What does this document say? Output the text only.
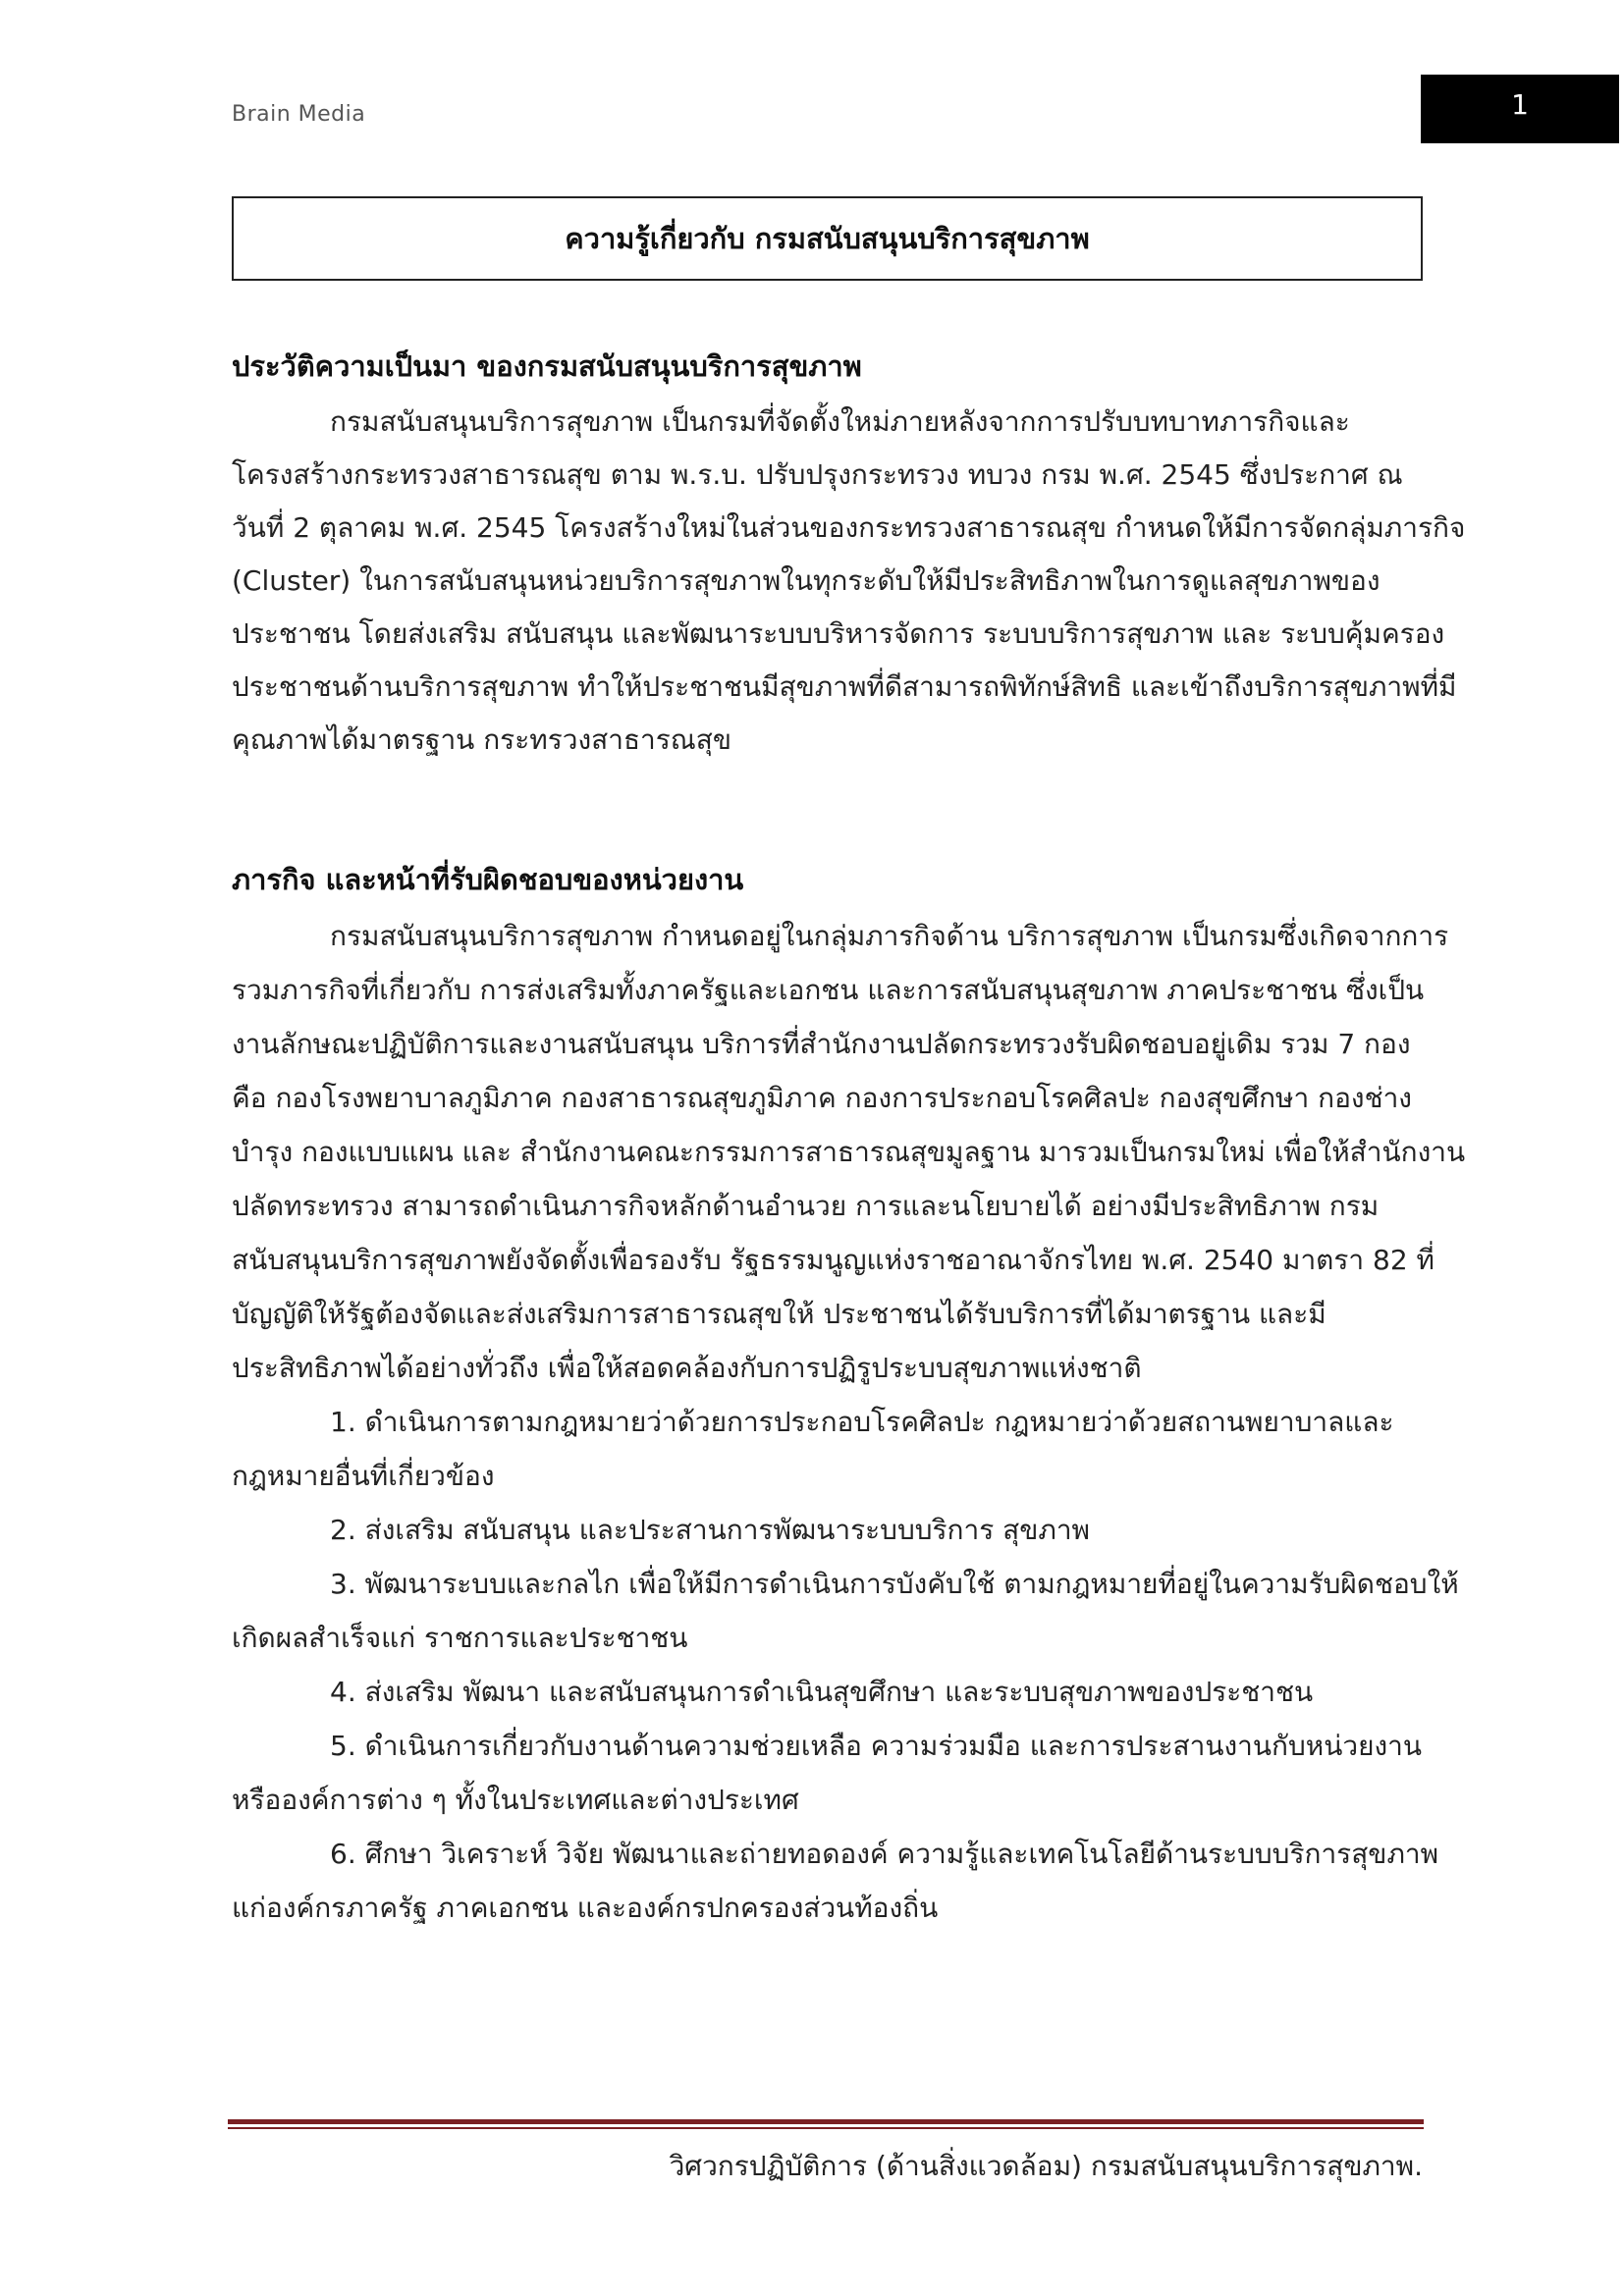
Brain Media	1
ความรู้เกี่ยวกับ กรมสนับสนุนบริการสุขภาพ
ประวัติความเป็นมา ของกรมสนับสนุนบริการสุขภาพ
กรมสนับสนุนบริการสุขภาพ เป็นกรมที่จัดตั้งใหม่ภายหลังจากการปรับบทบาทภารกิจและ
โครงสร้างกระทรวงสาธารณสุข ตาม พ.ร.บ. ปรับปรุงกระทรวง ทบวง กรม พ.ศ. 2545 ซึ่งประกาศ ณ
วันที่ 2 ตุลาคม พ.ศ. 2545 โครงสร้างใหม่ในส่วนของกระทรวงสาธารณสุข กำหนดให้มีการจัดกลุ่มภารกิจ
(Cluster) ในการสนับสนุนหน่วยบริการสุขภาพในทุกระดับให้มีประสิทธิภาพในการดูแลสุขภาพของ
ประชาชน โดยส่งเสริม สนับสนุน และพัฒนาระบบบริหารจัดการ ระบบบริการสุขภาพ และ ระบบคุ้มครอง
ประชาชนด้านบริการสุขภาพ ทำให้ประชาชนมีสุขภาพที่ดีสามารถพิทักษ์สิทธิ และเข้าถึงบริการสุขภาพที่มี
คุณภาพได้มาตรฐาน กระทรวงสาธารณสุข
ภารกิจ และหน้าที่รับผิดชอบของหน่วยงาน
กรมสนับสนุนบริการสุขภาพ กำหนดอยู่ในกลุ่มภารกิจด้าน บริการสุขภาพ เป็นกรมซึ่งเกิดจากการ
รวมภารกิจที่เกี่ยวกับ การส่งเสริมทั้งภาครัฐและเอกชน และการสนับสนุนสุขภาพ ภาคประชาชน ซึ่งเป็น
งานลักษณะปฏิบัติการและงานสนับสนุน บริการที่สำนักงานปลัดกระทรวงรับผิดชอบอยู่เดิม รวม 7 กอง
คือ กองโรงพยาบาลภูมิภาค กองสาธารณสุขภูมิภาค กองการประกอบโรคศิลปะ กองสุขศึกษา กองช่าง
บำรุง กองแบบแผน และ สำนักงานคณะกรรมการสาธารณสุขมูลฐาน มารวมเป็นกรมใหม่ เพื่อให้สำนักงาน
ปลัดทระทรวง สามารถดำเนินภารกิจหลักด้านอำนวย การและนโยบายได้ อย่างมีประสิทธิภาพ กรม
สนับสนุนบริการสุขภาพยังจัดตั้งเพื่อรองรับ รัฐธรรมนูญแห่งราชอาณาจักรไทย พ.ศ. 2540 มาตรา 82 ที่
บัญญัติให้รัฐต้องจัดและส่งเสริมการสาธารณสุขให้ ประชาชนได้รับบริการที่ได้มาตรฐาน และมี
ประสิทธิภาพได้อย่างทั่วถึง เพื่อให้สอดคล้องกับการปฏิรูประบบสุขภาพแห่งชาติ
1. ดำเนินการตามกฎหมายว่าด้วยการประกอบโรคศิลปะ กฎหมายว่าด้วยสถานพยาบาลและ
กฎหมายอื่นที่เกี่ยวข้อง
2. ส่งเสริม สนับสนุน และประสานการพัฒนาระบบบริการ สุขภาพ
3. พัฒนาระบบและกลไก เพื่อให้มีการดำเนินการบังคับใช้ ตามกฎหมายที่อยู่ในความรับผิดชอบให้
เกิดผลสำเร็จแก่ ราชการและประชาชน
4. ส่งเสริม พัฒนา และสนับสนุนการดำเนินสุขศึกษา และระบบสุขภาพของประชาชน
5. ดำเนินการเกี่ยวกับงานด้านความช่วยเหลือ ความร่วมมือ และการประสานงานกับหน่วยงาน
หรือองค์การต่าง ๆ ทั้งในประเทศและต่างประเทศ
6. ศึกษา วิเคราะห์ วิจัย พัฒนาและถ่ายทอดองค์ ความรู้และเทคโนโลยีด้านระบบบริการสุขภาพ
แก่องค์กรภาครัฐ ภาคเอกชน และองค์กรปกครองส่วนท้องถิ่น
วิศวกรปฏิบัติการ (ด้านสิ่งแวดล้อม) กรมสนับสนุนบริการสุขภาพ.
